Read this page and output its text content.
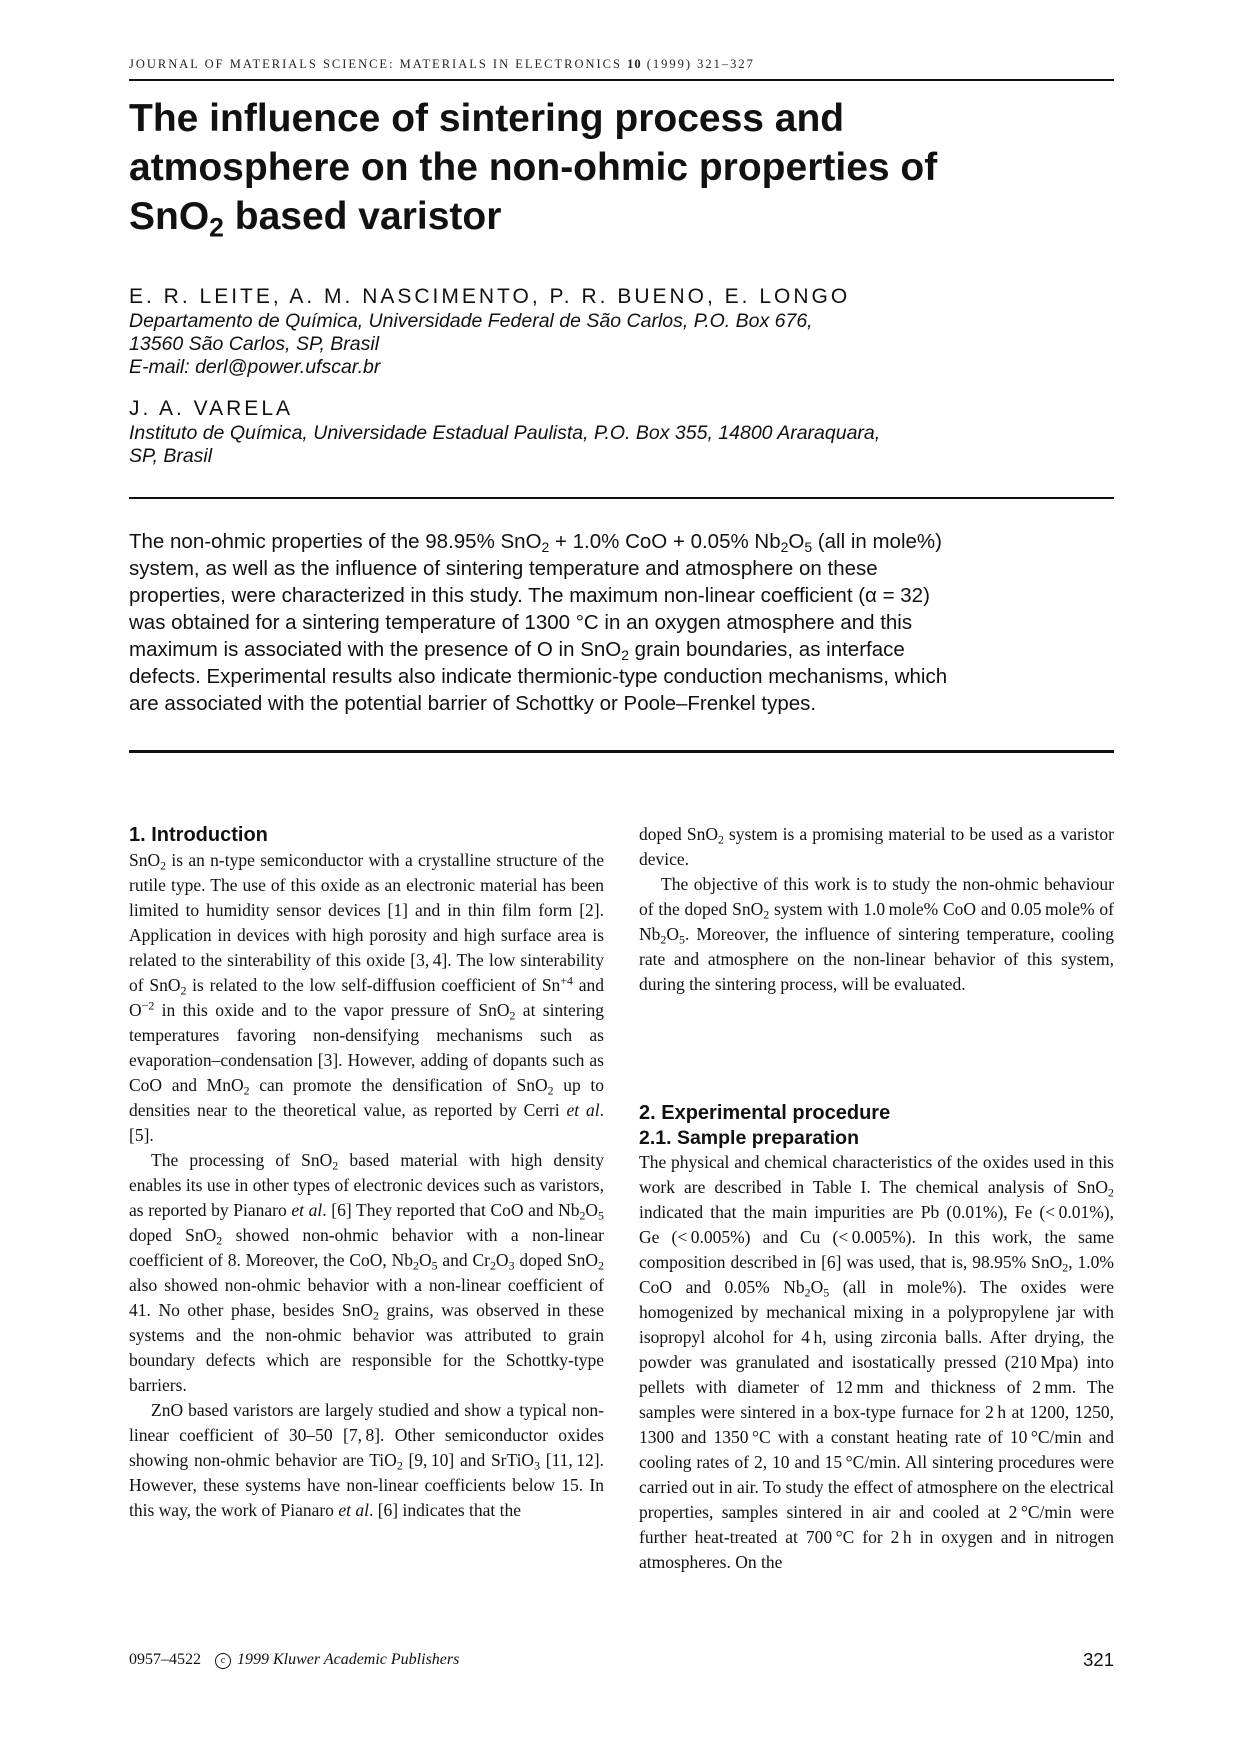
JOURNAL OF MATERIALS SCIENCE: MATERIALS IN ELECTRONICS 10 (1999) 321–327
The influence of sintering process and
atmosphere on the non-ohmic properties of
SnO$_2$ based varistor
E. R. LEITE, A. M. NASCIMENTO, P. R. BUENO, E. LONGO
Departamento de Química, Universidade Federal de São Carlos, P.O. Box 676,
13560 São Carlos, SP, Brasil
E-mail: derl@power.ufscar.br
J. A. VARELA
Instituto de Química, Universidade Estadual Paulista, P.O. Box 355, 14800 Araraquara,
SP, Brasil
The non-ohmic properties of the 98.95% SnO$_2$ + 1.0% CoO + 0.05% $Nb_2O_5$ (all in mole%)
system, as well as the influence of sintering temperature and atmosphere on these
properties, were characterized in this study. The maximum non-linear coefficient (α = 32)
was obtained for a sintering temperature of 1300 °C in an oxygen atmosphere and this
maximum is associated with the presence of O in SnO$_2$ grain boundaries, as interface
defects. Experimental results also indicate thermionic-type conduction mechanisms, which
are associated with the potential barrier of Schottky or Poole–Frenkel types.
1. Introduction

SnO$_2$ is an n-type semiconductor with a crystalline structure of the rutile type. The use of this oxide as an electronic material has been limited to humidity sensor devices [1] and in thin film form [2]. Application in devices with high porosity and high surface area is related to the sinterability of this oxide [3, 4]. The low sinterability of SnO$_2$ is related to the low self-diffusion coefficient of $Sn^{+4}$ and $O^{-2}$ in this oxide and to the vapor pressure of SnO$_2$ at sintering temperatures favoring non-densifying mechanisms such as evaporation–condensation [3]. However, adding of dopants such as CoO and MnO$_2$ can promote the densification of SnO$_2$ up to densities near to the theoretical value, as reported by Cerri et al. [5].

The processing of SnO$_2$ based material with high density enables its use in other types of electronic devices such as varistors, as reported by Pianaro et al. [6] They reported that CoO and $Nb_2O_5$ doped SnO$_2$ showed non-ohmic behavior with a non-linear coefficient of 8. Moreover, the CoO, $Nb_2O_5$ and $Cr_2O_3$ doped SnO$_2$ also showed non-ohmic behavior with a non-linear coefficient of 41. No other phase, besides SnO$_2$ grains, was observed in these systems and the non-ohmic behavior was attributed to grain boundary defects which are responsible for the Schottky-type barriers.

ZnO based varistors are largely studied and show a typical non-linear coefficient of 30–50 [7, 8]. Other semiconductor oxides showing non-ohmic behavior are TiO$_2$ [9, 10] and SrTiO$_3$ [11, 12]. However, these systems have non-linear coefficients below 15. In this way, the work of Pianaro et al. [6] indicates that the

doped SnO$_2$ system is a promising material to be used as a varistor device.

The objective of this work is to study the non-ohmic behaviour of the doped SnO$_2$ system with 1.0 mole% CoO and 0.05 mole% of $Nb_2O_5$. Moreover, the influence of sintering temperature, cooling rate and atmosphere on the non-linear behavior of this system, during the sintering process, will be evaluated.

2. Experimental procedure
2.1. Sample preparation

The physical and chemical characteristics of the oxides used in this work are described in Table I. The chemical analysis of SnO$_2$ indicated that the main impurities are Pb (0.01%), Fe (< 0.01%), Ge (< 0.005%) and Cu (< 0.005%). In this work, the same composition described in [6] was used, that is, 98.95% SnO$_2$, 1.0% CoO and 0.05% $Nb_2O_5$ (all in mole%). The oxides were homogenized by mechanical mixing in a polypropylene jar with isopropyl alcohol for 4 h, using zirconia balls. After drying, the powder was granulated and isostatically pressed (210 Mpa) into pellets with diameter of 12 mm and thickness of 2 mm. The samples were sintered in a box-type furnace for 2 h at 1200, 1250, 1300 and 1350 °C with a constant heating rate of 10 °C/min and cooling rates of 2, 10 and 15 °C/min. All sintering procedures were carried out in air. To study the effect of atmosphere on the electrical properties, samples sintered in air and cooled at 2 °C/min were further heat-treated at 700 °C for 2 h in oxygen and in nitrogen atmospheres. On the

0957–4522 c 1999 Kluwer Academic Publishers	321
